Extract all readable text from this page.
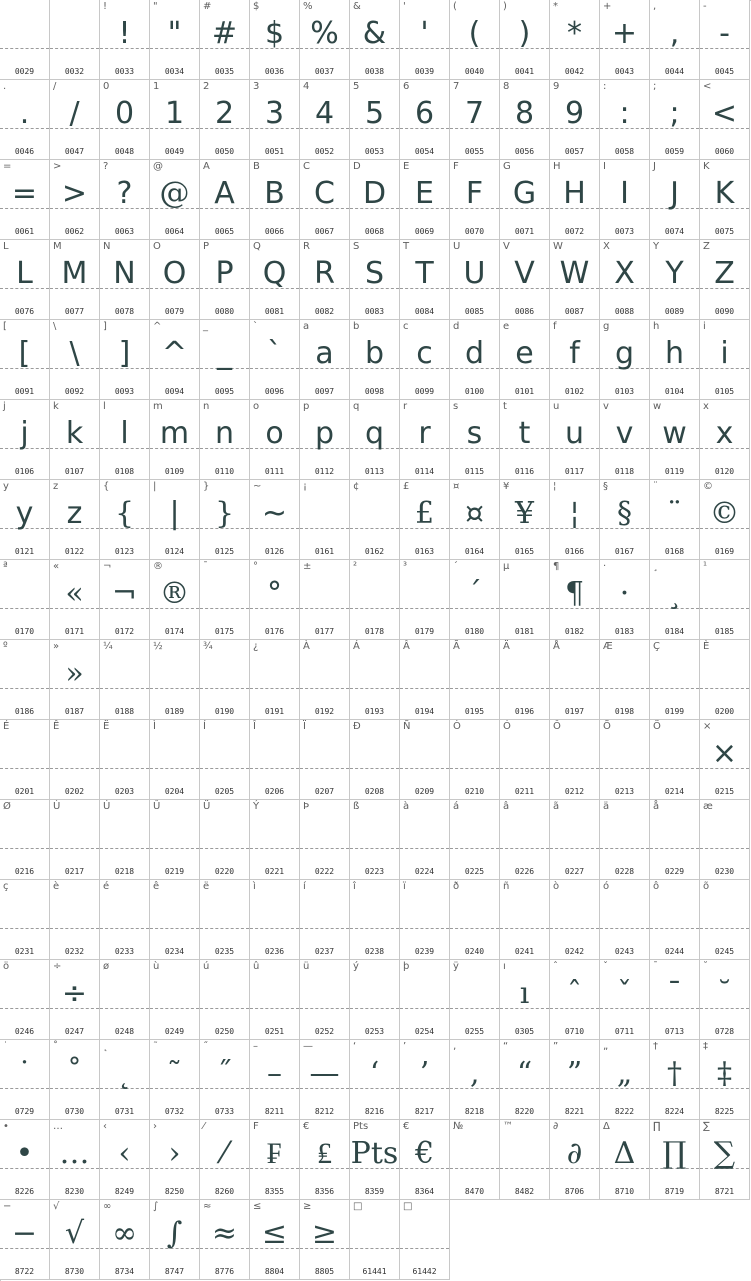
0029	0032
!
!
0033
"
"
0034
#
#
0035
$
$
0036
%
%
0037
&
&
0038
'
'
0039
(
(
0040
)
)
0041
*
*
0042
+
+
0043
,
,
0044
-
-
0045
.
.
0046
/
/
0047
0
0
0048
1
1
0049
2
2
0050
3
3
0051
4
4
0052
5
5
0053
6
6
0054
7
7
0055
8
8
0056
9
9
0057
:
:
0058
;
;
0059
<
<
0060
=
=
0061
>
>
0062
?
?
0063
@
@
0064
A
A
0065
B
B
0066
C
C
0067
D
D
0068
E
E
0069
F
F
0070
G
G
0071
H
H
0072
I
I
0073
J
J
0074
K
K
0075
L
L
0076
M
M
0077
N
N
0078
O
O
0079
P
P
0080
Q
Q
0081
R
R
0082
S
S
0083
T
T
0084
U
U
0085
V
V
0086
W
W
0087
X
X
0088
Y
Y
0089
Z
Z
0090
[
[
0091
\
\
0092
]
]
0093
^
^
0094
_
_
0095
`
`
0096
a
a
0097
b
b
0098
c
c
0099
d
d
0100
e
e
0101
f
f
0102
g
g
0103
h
h
0104
i
i
0105
j
j
0106
k
k
0107
l
l
0108
m
m
0109
n
n
0110
o
o
0111
p
p
0112
q
q
0113
r
r
0114
s
s
0115
t
t
0116
u
u
0117
v
v
0118
w
w
0119
x
x
0120
y
y
0121
z
z
0122
{
{
0123
|
|
0124
}
}
0125
~
~
0126
¡
0161
¢
0162
£
£
0163
¤
¤
0164
¥
¥
0165
¦
¦
0166
§
§
0167
¨
¨
0168
©
©
0169
ª
0170
«
«
0171
¬
¬
0172
®
®
0174
¯
0175
°
°
0176
±
0177
²
0178
³
0179
´
´
0180
µ
0181
¶
¶
0182
·
·
0183
¸
¸
0184
¹
0185
º
0186
»
»
0187
¼
0188
½
0189
¾
0190
¿
0191
À
0192
Á
0193
Â
0194
Ã
0195
Ä
0196
Å
0197
Æ
0198
Ç
0199
È
0200
É
0201
Ê
0202
Ë
0203
Ì
0204
Í
0205
Î
0206
Ï
0207
Ð
0208
Ñ
0209
Ò
0210
Ó
0211
Ô
0212
Õ
0213
Ö
0214
×
×
0215
Ø
0216
Ù
0217
Ú
0218
Û
0219
Ü
0220
Ý
0221
Þ
0222
ß
0223
à
0224
á
0225
â
0226
ã
0227
ä
0228
å
0229
æ
0230
ç
0231
è
0232
é
0233
ê
0234
ë
0235
ì
0236
í
0237
î
0238
ï
0239
ð
0240
ñ
0241
ò
0242
ó
0243
ô
0244
õ
0245
ö
0246
÷
÷
0247
ø
0248
ù
0249
ú
0250
û
0251
ü
0252
ý
0253
þ
0254
ÿ
0255
ı
ı
0305
ˆ
ˆ
0710
ˇ
ˇ
0711
ˉ
ˉ
0713
˘
˘
0728
˙
˙
0729
˚
˚
0730
˛
˛
0731
˜
˜
0732
˝
˝
0733
–
–
8211
—
—
8212
‘
‘
8216
’
’
8217
‚
‚
8218
“
“
8220
”
”
8221
„
„
8222
†
†
8224
‡
‡
8225
•
•
8226
…
…
8230
‹
‹
8249
›
›
8250
⁄
⁄
8260
F
₣
8355
€
₤
8356
Pts
Pts
8359
€
€
8364
№
8470
™
8482
∂
∂
8706
Δ
Δ
8710
∏
∏
8719
∑
∑
8721
−
−
8722
√
√
8730
∞
∞
8734
∫
∫
8747
≈
≈
8776
≤
≤
8804
≥
≥
8805
□
61441
□
61442
